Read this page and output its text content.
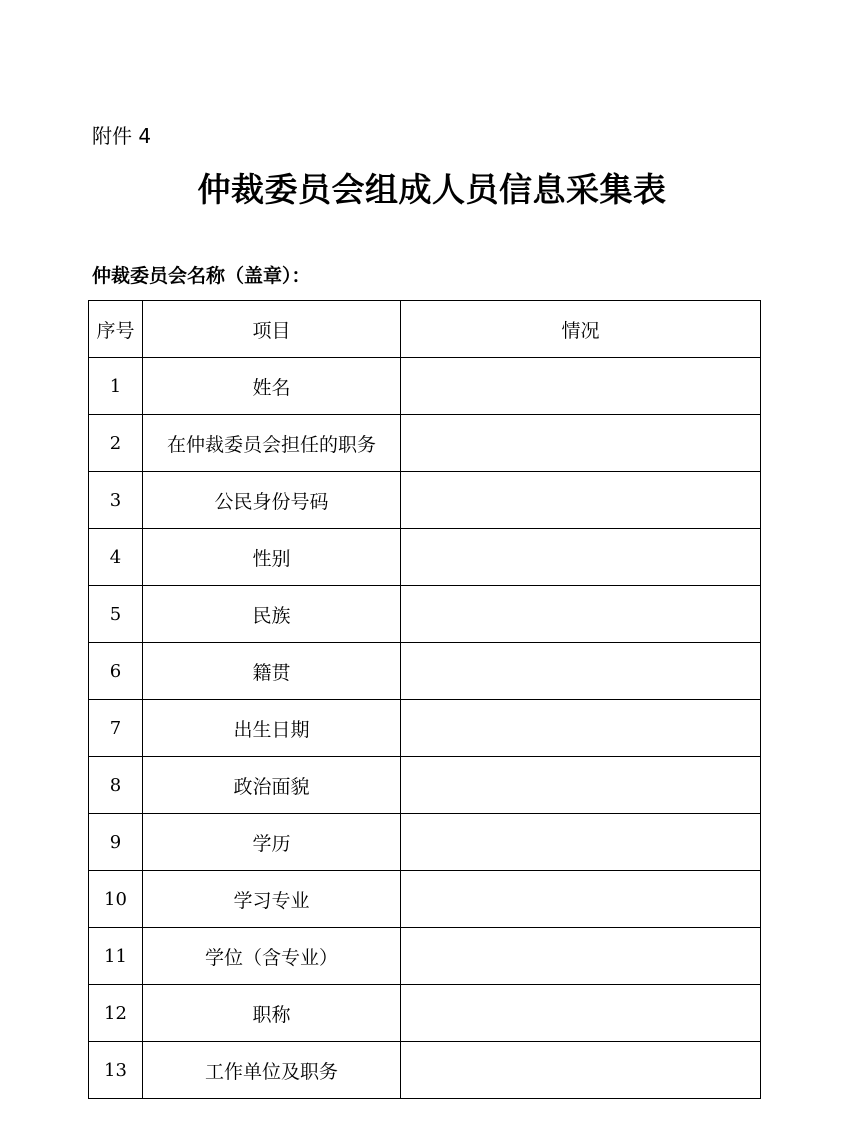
附件 4
仲裁委员会组成人员信息采集表
仲裁委员会名称（盖章）：
序号	项目	情况
1	姓名	
2	在仲裁委员会担任的职务	
3	公民身份号码	
4	性别	
5	民族	
6	籍贯	
7	出生日期	
8	政治面貌	
9	学历	
10	学习专业	
11	学位（含专业）	
12	职称	
13	工作单位及职务	
